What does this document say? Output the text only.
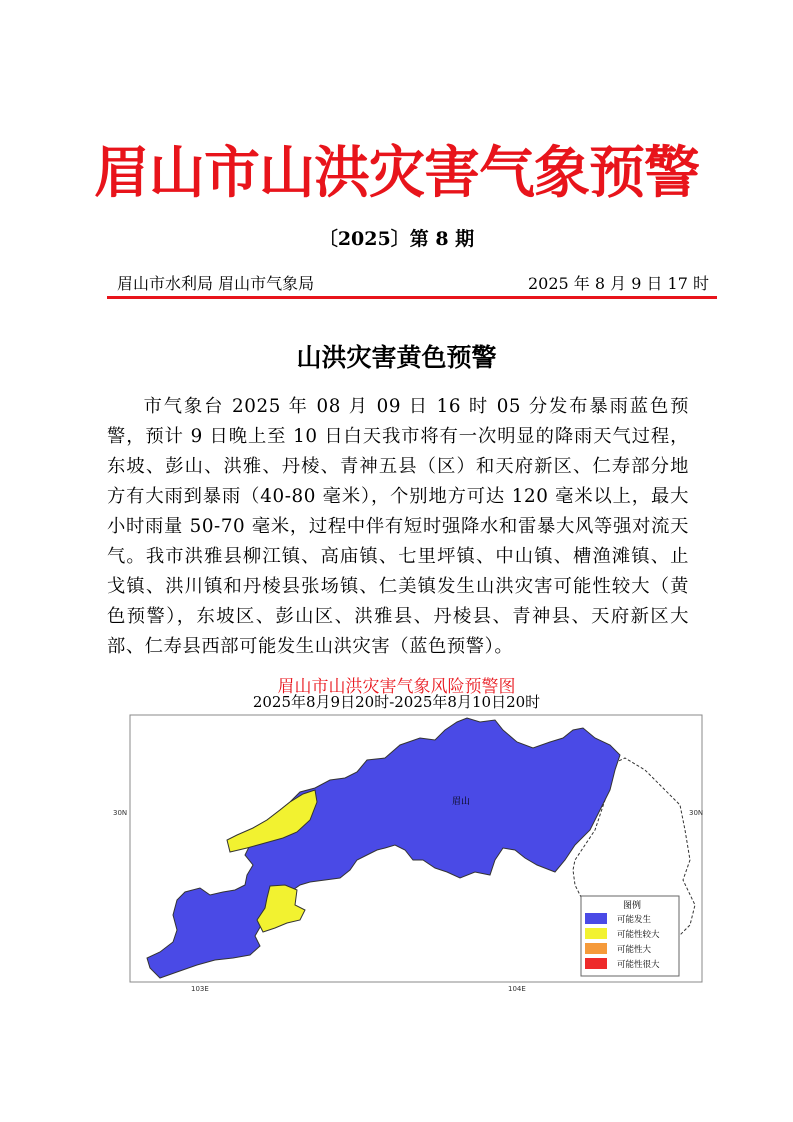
眉山市山洪灾害气象预警
〔2025〕第 8 期
眉山市水利局 眉山市气象局	2025 年 8 月 9 日 17 时
山洪灾害黄色预警
市气象台 2025 年 08 月 09 日 16 时 05 分发布暴雨蓝色预警，预计 9 日晚上至 10 日白天我市将有一次明显的降雨天气过程，东坡、彭山、洪雅、丹棱、青神五县（区）和天府新区、仁寿部分地方有大雨到暴雨（40-80 毫米），个别地方可达 120 毫米以上，最大小时雨量 50-70 毫米，过程中伴有短时强降水和雷暴大风等强对流天气。我市洪雅县柳江镇、高庙镇、七里坪镇、中山镇、槽渔滩镇、止戈镇、洪川镇和丹棱县张场镇、仁美镇发生山洪灾害可能性较大（黄色预警），东坡区、彭山区、洪雅县、丹棱县、青神县、天府新区大部、仁寿县西部可能发生山洪灾害（蓝色预警）。
眉山市山洪灾害气象风险预警图
2025年8月9日20时-2025年8月10日20时
眉山
30N	30N
103E	104E
图例
可能发生
可能性较大
可能性大
可能性很大
